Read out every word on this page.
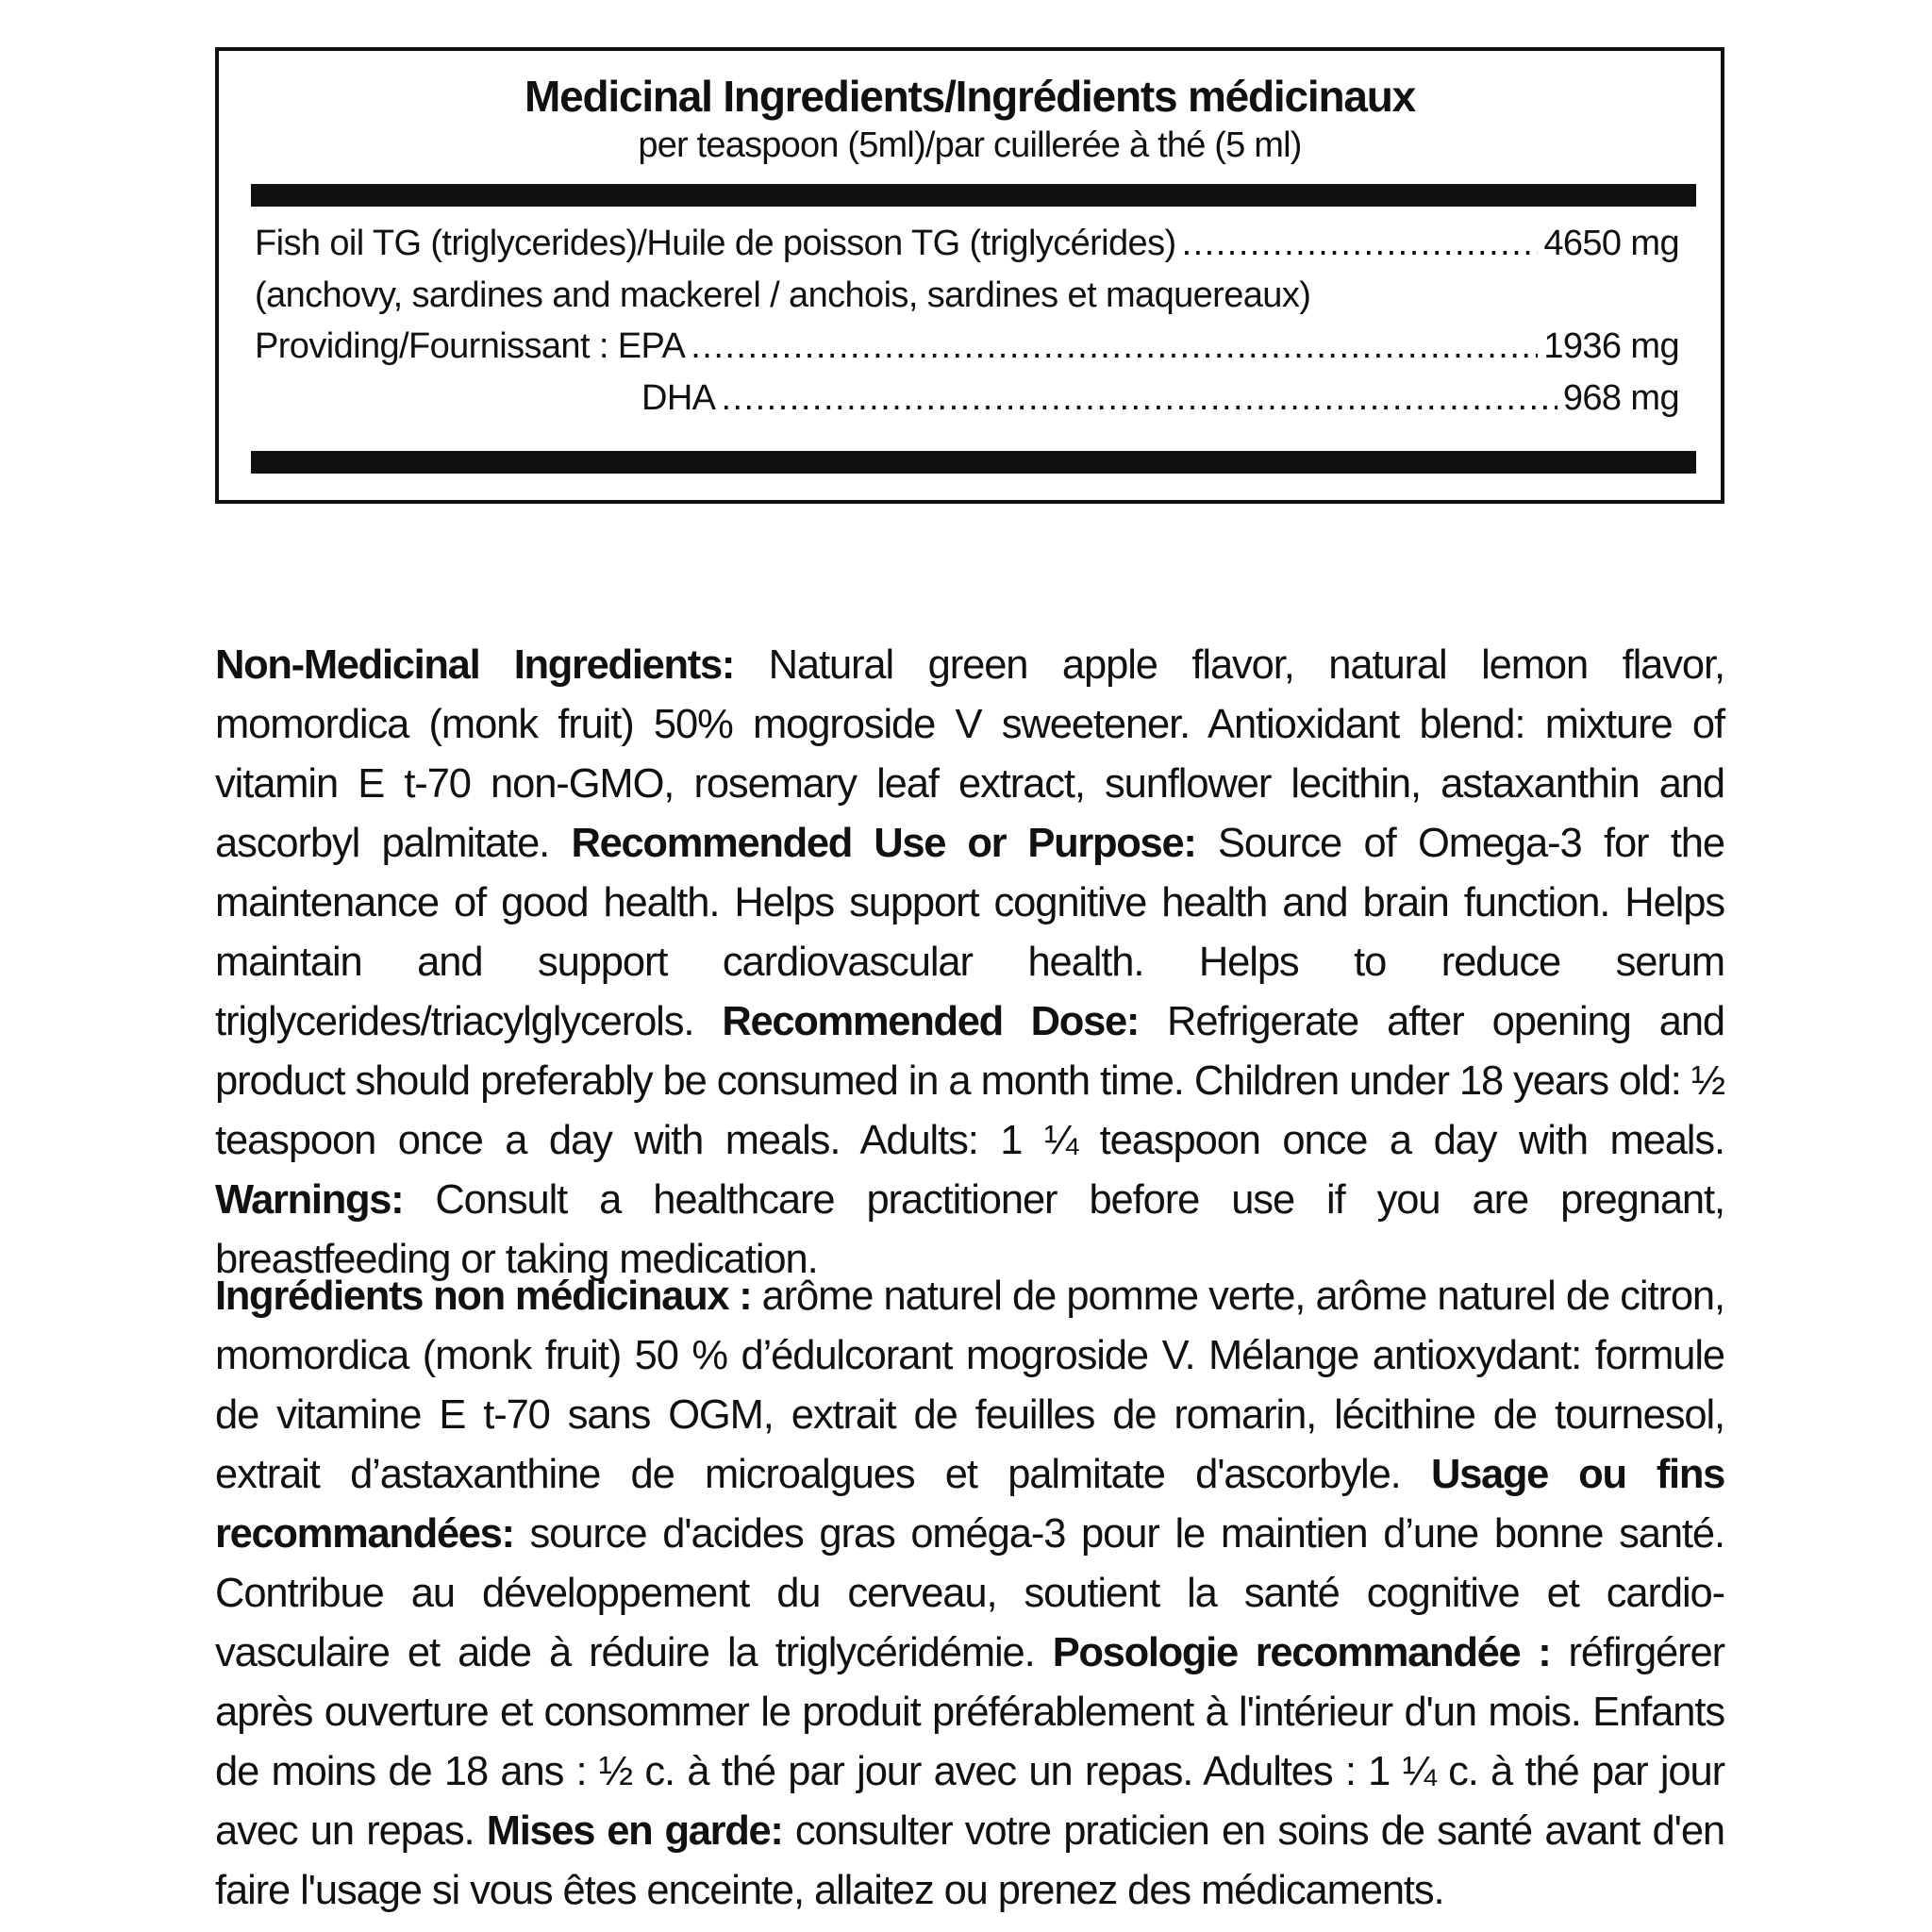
Medicinal Ingredients/Ingrédients médicinaux
per teaspoon (5ml)/par cuillerée à thé (5 ml)
Fish oil TG (triglycerides)/Huile de poisson TG (triglycérides) .....	4650 mg
(anchovy, sardines and mackerel / anchois, sardines et maquereaux)
Providing/Fournissant : EPA .....	1936 mg
DHA .....	968 mg

Non-Medicinal Ingredients: Natural green apple flavor, natural lemon flavor, momordica (monk fruit) 50% mogroside V sweetener. Antioxidant blend: mixture of vitamin E t-70 non-GMO, rosemary leaf extract, sunflower lecithin, astaxanthin and ascorbyl palmitate. Recommended Use or Purpose: Source of Omega-3 for the maintenance of good health. Helps support cognitive health and brain function. Helps maintain and support cardiovascular health. Helps to reduce serum triglycerides/triacylglycerols. Recommended Dose: Refrigerate after opening and product should preferably be consumed in a month time. Children under 18 years old: ½ teaspoon once a day with meals. Adults: 1 ¼ teaspoon once a day with meals. Warnings: Consult a healthcare practitioner before use if you are pregnant, breastfeeding or taking medication.

Ingrédients non médicinaux : arôme naturel de pomme verte, arôme naturel de citron, momordica (monk fruit) 50 % d’édulcorant mogroside V. Mélange antioxydant: formule de vitamine E t-70 sans OGM, extrait de feuilles de romarin, lécithine de tournesol, extrait d’astaxanthine de microalgues et palmitate d'ascorbyle. Usage ou fins recommandées: source d'acides gras oméga-3 pour le maintien d’une bonne santé. Contribue au développement du cerveau, soutient la santé cognitive et cardio-vasculaire et aide à réduire la triglycéridémie. Posologie recommandée : réfirgérer après ouverture et consommer le produit préférablement à l'intérieur d'un mois. Enfants de moins de 18 ans : ½ c. à thé par jour avec un repas. Adultes : 1 ¼ c. à thé par jour avec un repas. Mises en garde: consulter votre praticien en soins de santé avant d'en faire l'usage si vous êtes enceinte, allaitez ou prenez des médicaments.
